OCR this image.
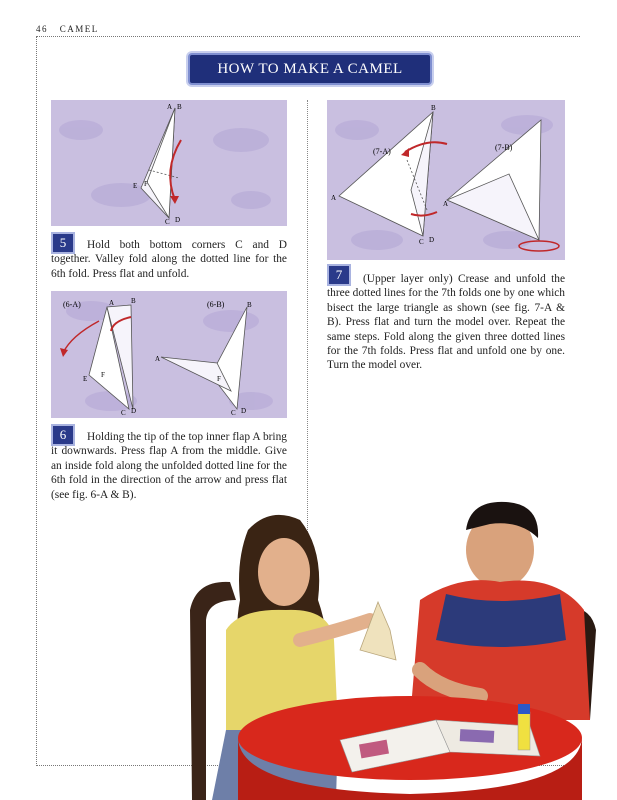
46 CAMEL
HOW TO MAKE A CAMEL
A B
E F
C D
5	Hold both bottom corners C and D together. Valley fold along the dotted line for the 6th fold. Press flat and unfold.
(6-A)	(6-B)
A B
E F
C D
A
B
F
C D
6	Holding the tip of the top inner flap A bring it downwards. Press flap A from the middle. Give an inside fold along the unfolded dotted line for the 6th fold in the direction of the arrow and press flat (see fig. 6-A & B).
(7-A)	(7-B)
B
A
A
C D
7	(Upper layer only) Crease and unfold the three dotted lines for the 7th folds one by one which bisect the large triangle as shown (see fig. 7-A & B). Press flat and turn the model over. Repeat the same steps. Fold along the given three dotted lines for the 7th folds. Press flat and unfold one by one. Turn the model over.
